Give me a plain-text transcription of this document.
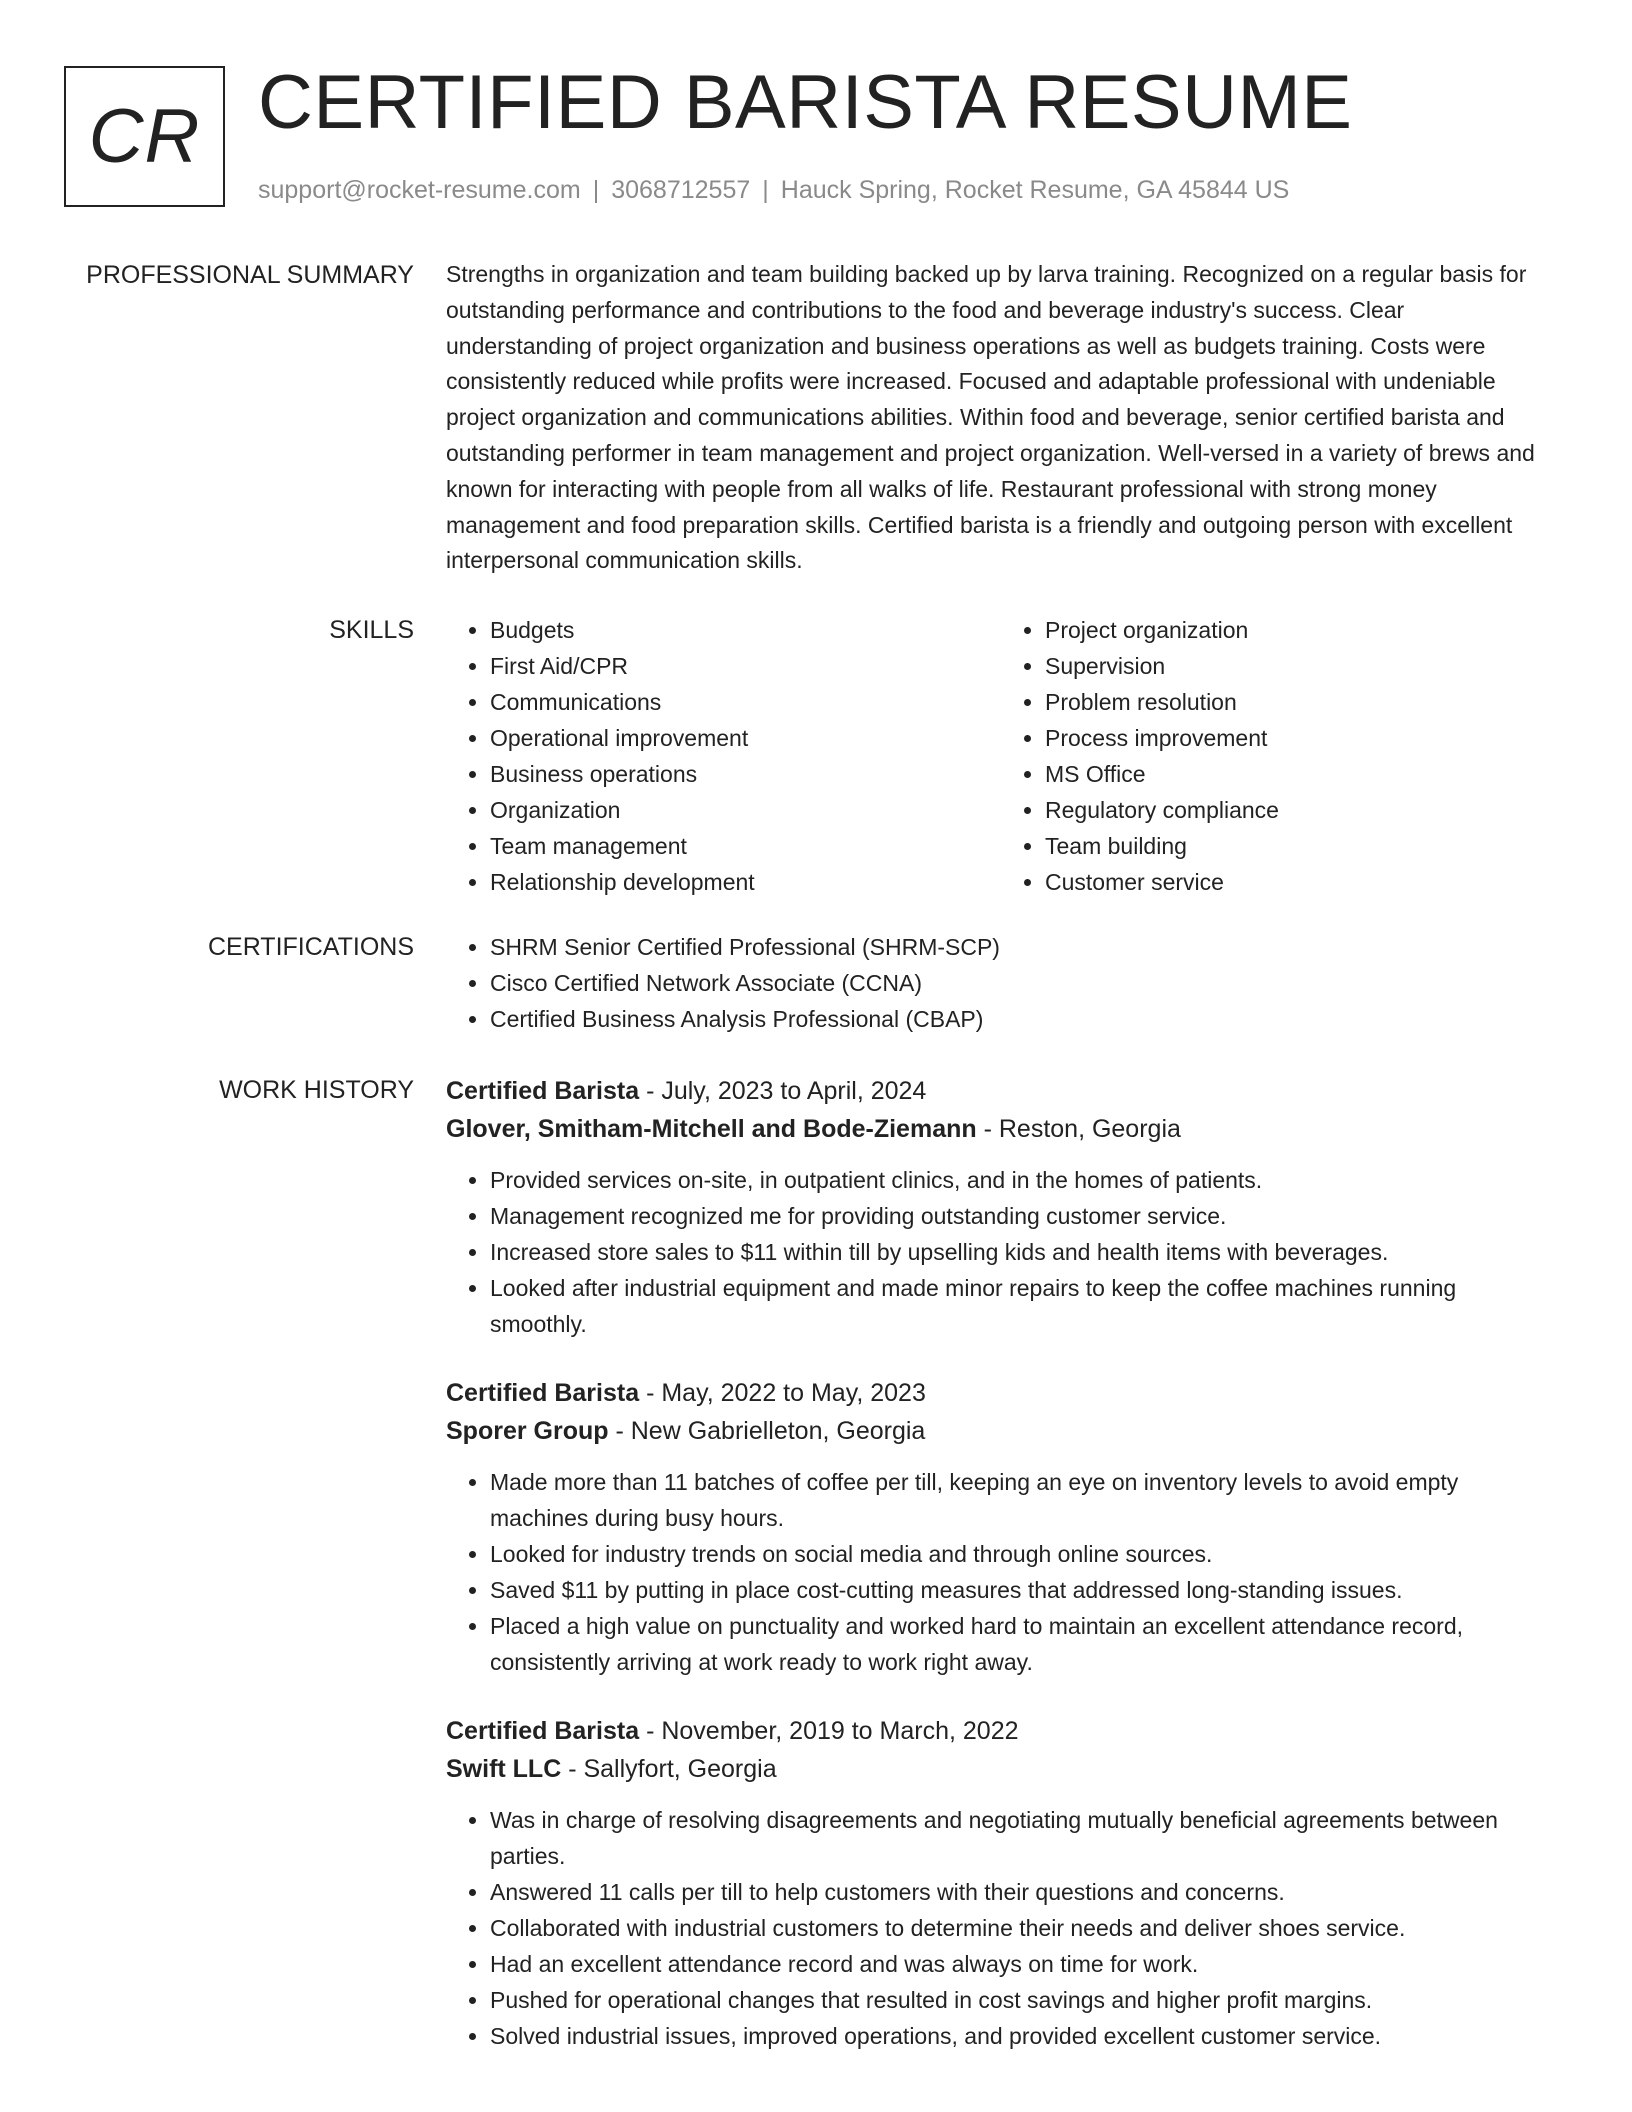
CR CERTIFIED BARISTA RESUME
support@rocket-resume.com | 3068712557 | Hauck Spring, Rocket Resume, GA 45844 US
PROFESSIONAL SUMMARY Strengths in organization and team building backed up by larva training. Recognized on a regular basis for outstanding performance and contributions to the food and beverage industry's success. Clear understanding of project organization and business operations as well as budgets training. Costs were consistently reduced while profits were increased. Focused and adaptable professional with undeniable project organization and communications abilities. Within food and beverage, senior certified barista and outstanding performer in team management and project organization. Well-versed in a variety of brews and known for interacting with people from all walks of life. Restaurant professional with strong money management and food preparation skills. Certified barista is a friendly and outgoing person with excellent interpersonal communication skills.

SKILLS	• Budgets
• First Aid/CPR
• Communications
• Operational improvement
• Business operations
• Organization
• Team management
• Relationship development
• Project organization
• Supervision
• Problem resolution
• Process improvement
• MS Office
• Regulatory compliance
• Team building
• Customer service
CERTIFICATIONS	• SHRM Senior Certified Professional (SHRM-SCP)
• Cisco Certified Network Associate (CCNA)
• Certified Business Analysis Professional (CBAP)
WORK HISTORY Certified Barista - July, 2023 to April, 2024
Glover, Smitham-Mitchell and Bode-Ziemann - Reston, Georgia
• Provided services on-site, in outpatient clinics, and in the homes of patients.
• Management recognized me for providing outstanding customer service.
• Increased store sales to $11 within till by upselling kids and health items with beverages.
• Looked after industrial equipment and made minor repairs to keep the coffee machines running smoothly.
Certified Barista - May, 2022 to May, 2023
Sporer Group - New Gabrielleton, Georgia
• Made more than 11 batches of coffee per till, keeping an eye on inventory levels to avoid empty machines during busy hours.
• Looked for industry trends on social media and through online sources.
• Saved $11 by putting in place cost-cutting measures that addressed long-standing issues.
• Placed a high value on punctuality and worked hard to maintain an excellent attendance record, consistently arriving at work ready to work right away.
Certified Barista - November, 2019 to March, 2022
Swift LLC - Sallyfort, Georgia
• Was in charge of resolving disagreements and negotiating mutually beneficial agreements between parties.
• Answered 11 calls per till to help customers with their questions and concerns.
• Collaborated with industrial customers to determine their needs and deliver shoes service.
• Had an excellent attendance record and was always on time for work.
• Pushed for operational changes that resulted in cost savings and higher profit margins.
• Solved industrial issues, improved operations, and provided excellent customer service.
